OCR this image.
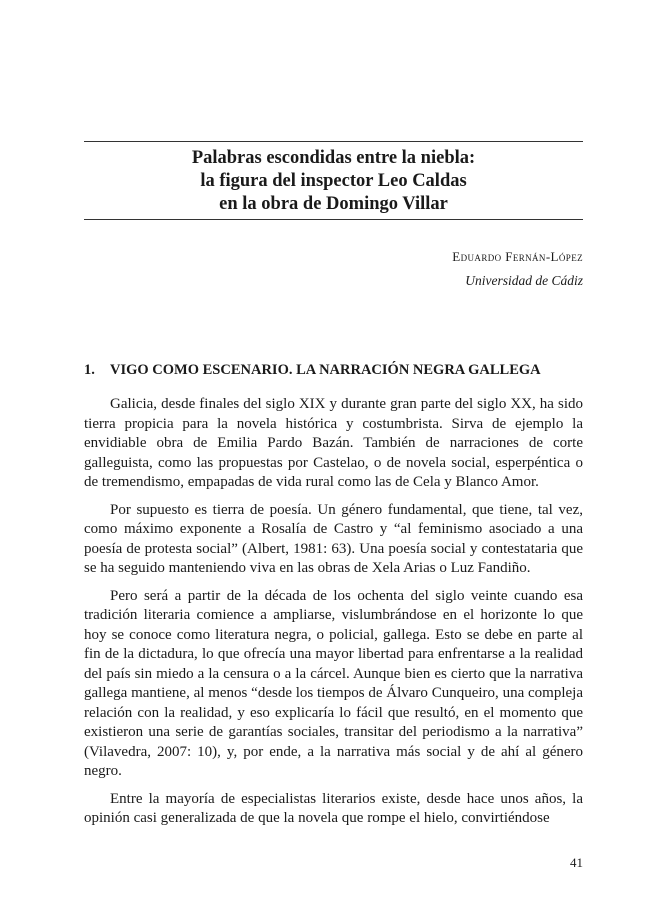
Palabras escondidas entre la niebla:
la figura del inspector Leo Caldas
en la obra de Domingo Villar
Eduardo Fernán-López
Universidad de Cádiz
1. VIGO COMO ESCENARIO. LA NARRACIÓN NEGRA GALLEGA

Galicia, desde finales del siglo XIX y durante gran parte del siglo XX, ha sido tierra propicia para la novela histórica y costumbrista. Sirva de ejemplo la envidiable obra de Emilia Pardo Bazán. También de narraciones de corte galleguista, como las propuestas por Castelao, o de novela social, esperpéntica o de tremendismo, empapadas de vida rural como las de Cela y Blanco Amor.

Por supuesto es tierra de poesía. Un género fundamental, que tiene, tal vez, como máximo exponente a Rosalía de Castro y “al feminismo asociado a una poesía de protesta social” (Albert, 1981: 63). Una poesía social y contestataria que se ha seguido manteniendo viva en las obras de Xela Arias o Luz Fandiño.

Pero será a partir de la década de los ochenta del siglo veinte cuando esa tradición literaria comience a ampliarse, vislumbrándose en el horizonte lo que hoy se conoce como literatura negra, o policial, gallega. Esto se debe en parte al fin de la dictadura, lo que ofrecía una mayor libertad para enfrentarse a la realidad del país sin miedo a la censura o a la cárcel. Aunque bien es cierto que la narrativa gallega mantiene, al menos “desde los tiempos de Álvaro Cunqueiro, una compleja relación con la realidad, y eso explicaría lo fácil que resultó, en el momento que existieron una serie de garantías sociales, transitar del periodismo a la narrativa” (Vilavedra, 2007: 10), y, por ende, a la narrativa más social y de ahí al género negro.

Entre la mayoría de especialistas literarios existe, desde hace unos años, la opinión casi generalizada de que la novela que rompe el hielo, convirtiéndose

41
